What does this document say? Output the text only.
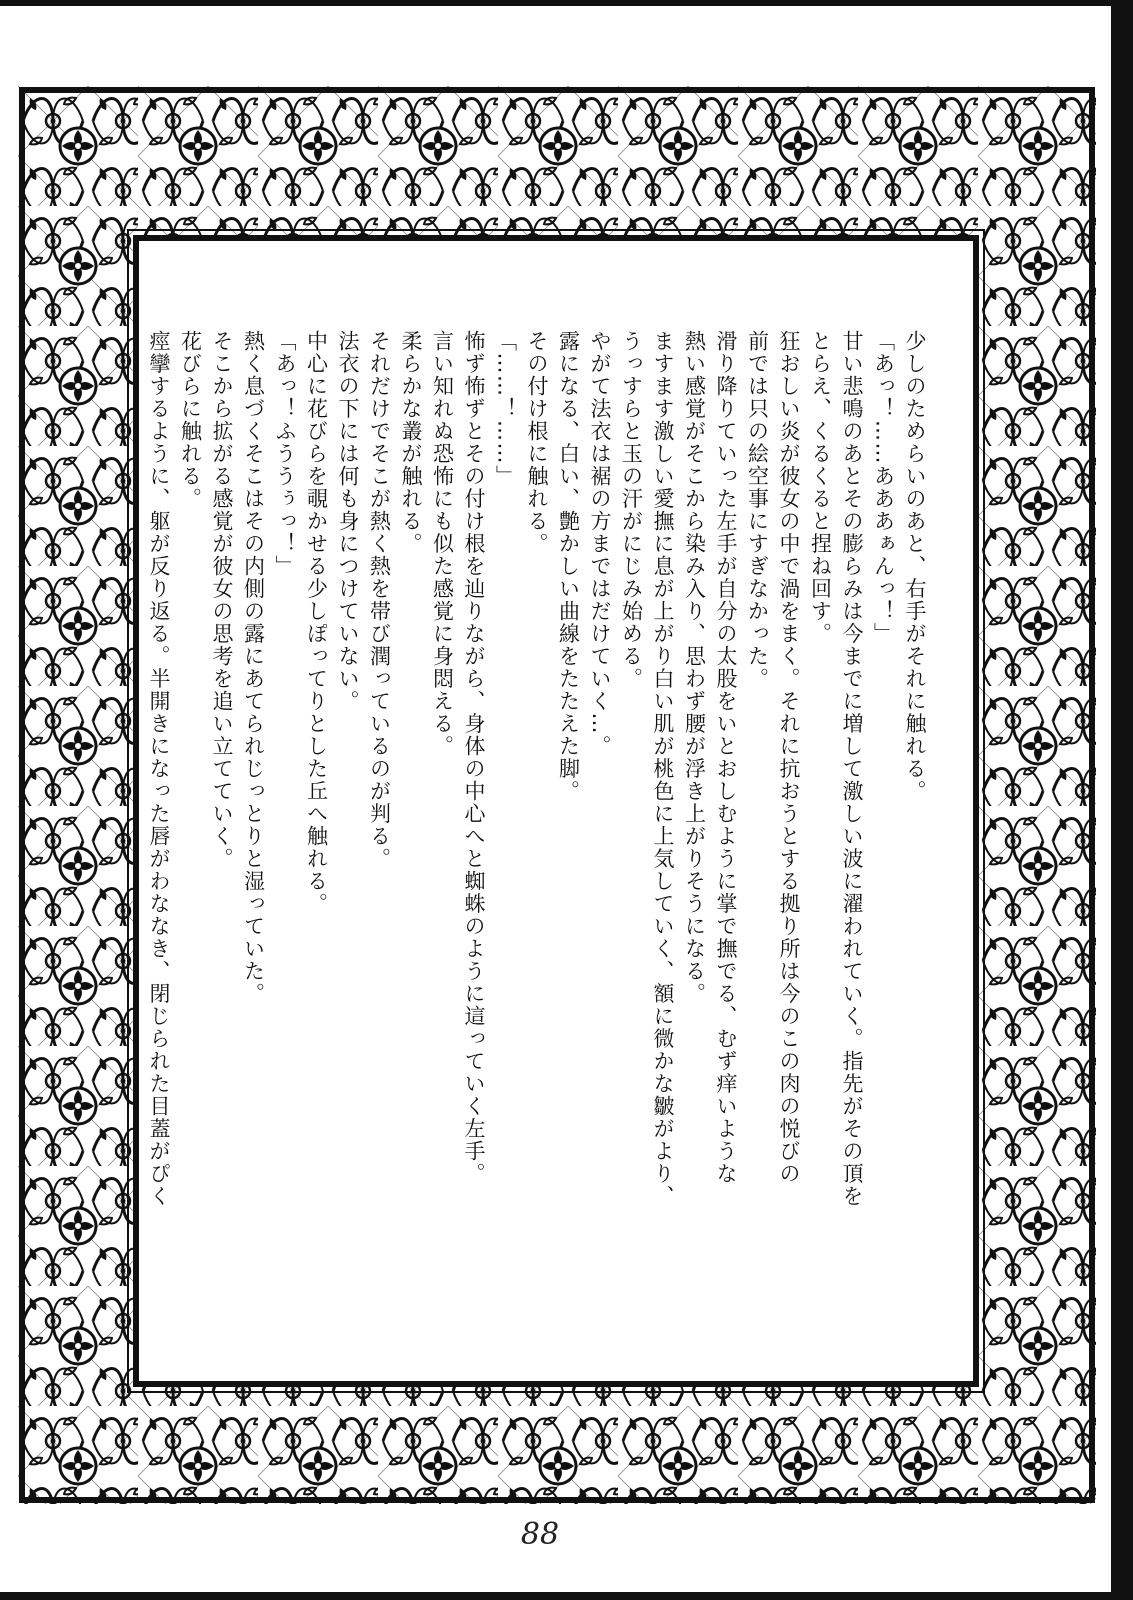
少しのためらいのあと、右手がそれに触れる。
「あっ！……あああぁんっ！」
甘い悲鳴のあとその膨らみは今までに増して激しい波に濯われていく。指先がその頂を
とらえ、くるくると捏ね回す。
狂おしい炎が彼女の中で渦をまく。それに抗おうとする拠り所は今のこの肉の悦びの
前では只の絵空事にすぎなかった。
滑り降りていった左手が自分の太股をいとおしむように掌で撫でる、むず痒いような
熱い感覚がそこから染み入り、思わず腰が浮き上がりそうになる。
ますます激しい愛撫に息が上がり白い肌が桃色に上気していく、額に微かな皺がより、
うっすらと玉の汗がにじみ始める。
やがて法衣は裾の方まではだけていく…。
露になる、白い、艶かしい曲線をたたえた脚。
その付け根に触れる。
「……！……」
怖ず怖ずとその付け根を辿りながら、身体の中心へと蜘蛛のように這っていく左手。
言い知れぬ恐怖にも似た感覚に身悶える。
柔らかな叢が触れる。
それだけでそこが熱く熱を帯び潤っているのが判る。
法衣の下には何も身につけていない。
中心に花びらを覗かせる少しぽってりとした丘へ触れる。
「あっ！ふううぅっ！」
熱く息づくそこはその内側の露にあてられじっとりと湿っていた。
そこから拡がる感覚が彼女の思考を追い立てていく。
花びらに触れる。
痙攣するように、躯が反り返る。半開きになった唇がわななき、閉じられた目蓋がぴく
88
